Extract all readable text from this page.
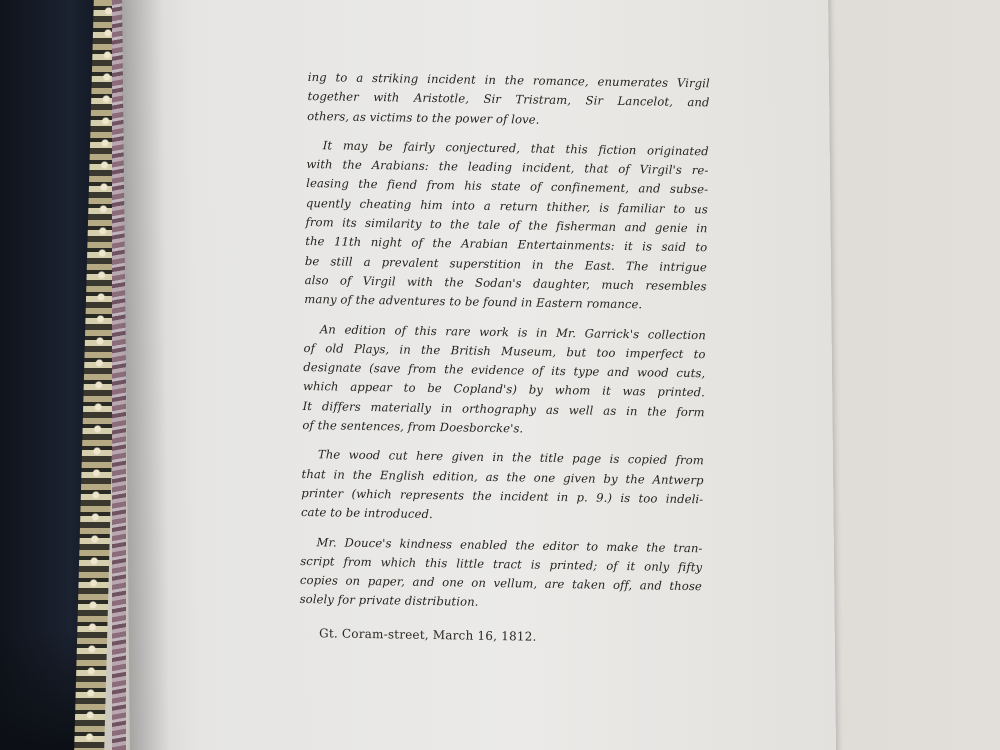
ing to a striking incident in the romance, enumerates Virgil
together with Aristotle, Sir Tristram, Sir Lancelot, and
others, as victims to the power of love.
It may be fairly conjectured, that this fiction originated
with the Arabians: the leading incident, that of Virgil's re-
leasing the fiend from his state of confinement, and subse-
quently cheating him into a return thither, is familiar to us
from its similarity to the tale of the fisherman and genie in
the 11th night of the Arabian Entertainments: it is said to
be still a prevalent superstition in the East. The intrigue
also of Virgil with the Sodan's daughter, much resembles
many of the adventures to be found in Eastern romance.
An edition of this rare work is in Mr. Garrick's collection
of old Plays, in the British Museum, but too imperfect to
designate (save from the evidence of its type and wood cuts,
which appear to be Copland's) by whom it was printed.
It differs materially in orthography as well as in the form
of the sentences, from Doesborcke's.
The wood cut here given in the title page is copied from
that in the English edition, as the one given by the Antwerp
printer (which represents the incident in p. 9.) is too indeli-
cate to be introduced.
Mr. Douce's kindness enabled the editor to make the tran-
script from which this little tract is printed; of it only fifty
copies on paper, and one on vellum, are taken off, and those
solely for private distribution.
Gt. Coram-street, March 16, 1812.
